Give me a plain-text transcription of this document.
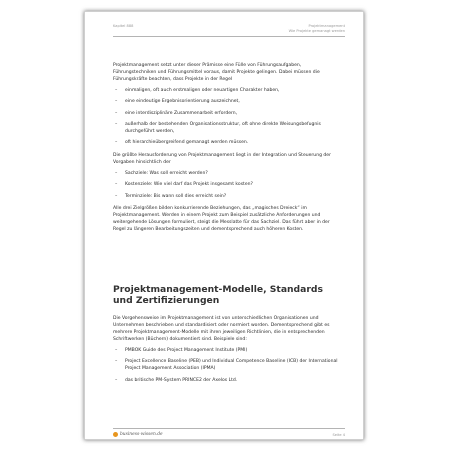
Kapitel 888	Projektmanagement
Wie Projekte gemanagt werden

Projektmanagement setzt unter dieser Prämisse eine Fülle von Führungsaufgaben, Führungstechniken und Führungsmittel voraus, damit Projekte gelingen. Dabei müssen die Führungskräfte beachten, dass Projekte in der Regel

– einmaligen, oft auch erstmaligen oder neuartigen Charakter haben,
– eine eindeutige Ergebnisorientierung auszeichnet,
– eine interdisziplinäre Zusammenarbeit erfordern,
– außerhalb der bestehenden Organisationsstruktur, oft ohne direkte Weisungsbefugnis durchgeführt werden,
– oft hierarchieübergreifend gemanagt werden müssen.

Die größte Herausforderung von Projektmanagement liegt in der Integration und Steuerung der Vorgaben hinsichtlich der

– Sachziele: Was soll erreicht werden?
– Kostenziele: Wie viel darf das Projekt insgesamt kosten?
– Terminziele: Bis wann soll dies erreicht sein?

Alle drei Zielgrößen bilden konkurrierende Beziehungen, das „magisches Dreieck“ im Projektmanagement. Werden in einem Projekt zum Beispiel zusätzliche Anforderungen und weitergehende Lösungen formuliert, steigt die Messlatte für das Sachziel. Das führt aber in der Regel zu längeren Bearbeitungszeiten und dementsprechend auch höheren Kosten.

Projektmanagement-Modelle, Standards und Zertifizierungen

Die Vorgehensweise im Projektmanagement ist von unterschiedlichen Organisationen und Unternehmen beschrieben und standardisiert oder normiert worden. Dementsprechend gibt es mehrere Projektmanagement-Modelle mit ihren jeweiligen Richtlinien, die in entsprechenden Schriftwerken (Büchern) dokumentiert sind. Beispiele sind:

– PMBOK Guide des Project Management Institute (PMI)
– Project Excellence Baseline (PEB) und Individual Competence Baseline (ICB) der International Project Management Association (IPMA)
– das britische PM-System PRINCE2 der Axelos Ltd.
business-wissen.de	Seite 4
